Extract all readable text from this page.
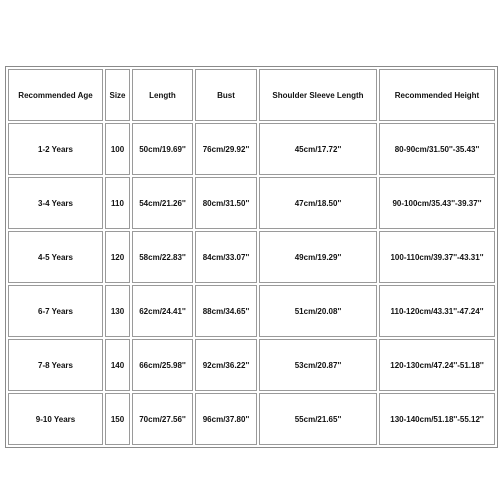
Recommended Age	Size	Length	Bust	Shoulder Sleeve Length	Recommended Height
1-2 Years	100	50cm/19.69''	76cm/29.92''	45cm/17.72''	80-90cm/31.50''-35.43''
3-4 Years	110	54cm/21.26''	80cm/31.50''	47cm/18.50''	90-100cm/35.43''-39.37''
4-5 Years	120	58cm/22.83''	84cm/33.07''	49cm/19.29''	100-110cm/39.37''-43.31''
6-7 Years	130	62cm/24.41''	88cm/34.65''	51cm/20.08''	110-120cm/43.31''-47.24''
7-8 Years	140	66cm/25.98''	92cm/36.22''	53cm/20.87''	120-130cm/47.24''-51.18''
9-10 Years	150	70cm/27.56''	96cm/37.80''	55cm/21.65''	130-140cm/51.18''-55.12''
